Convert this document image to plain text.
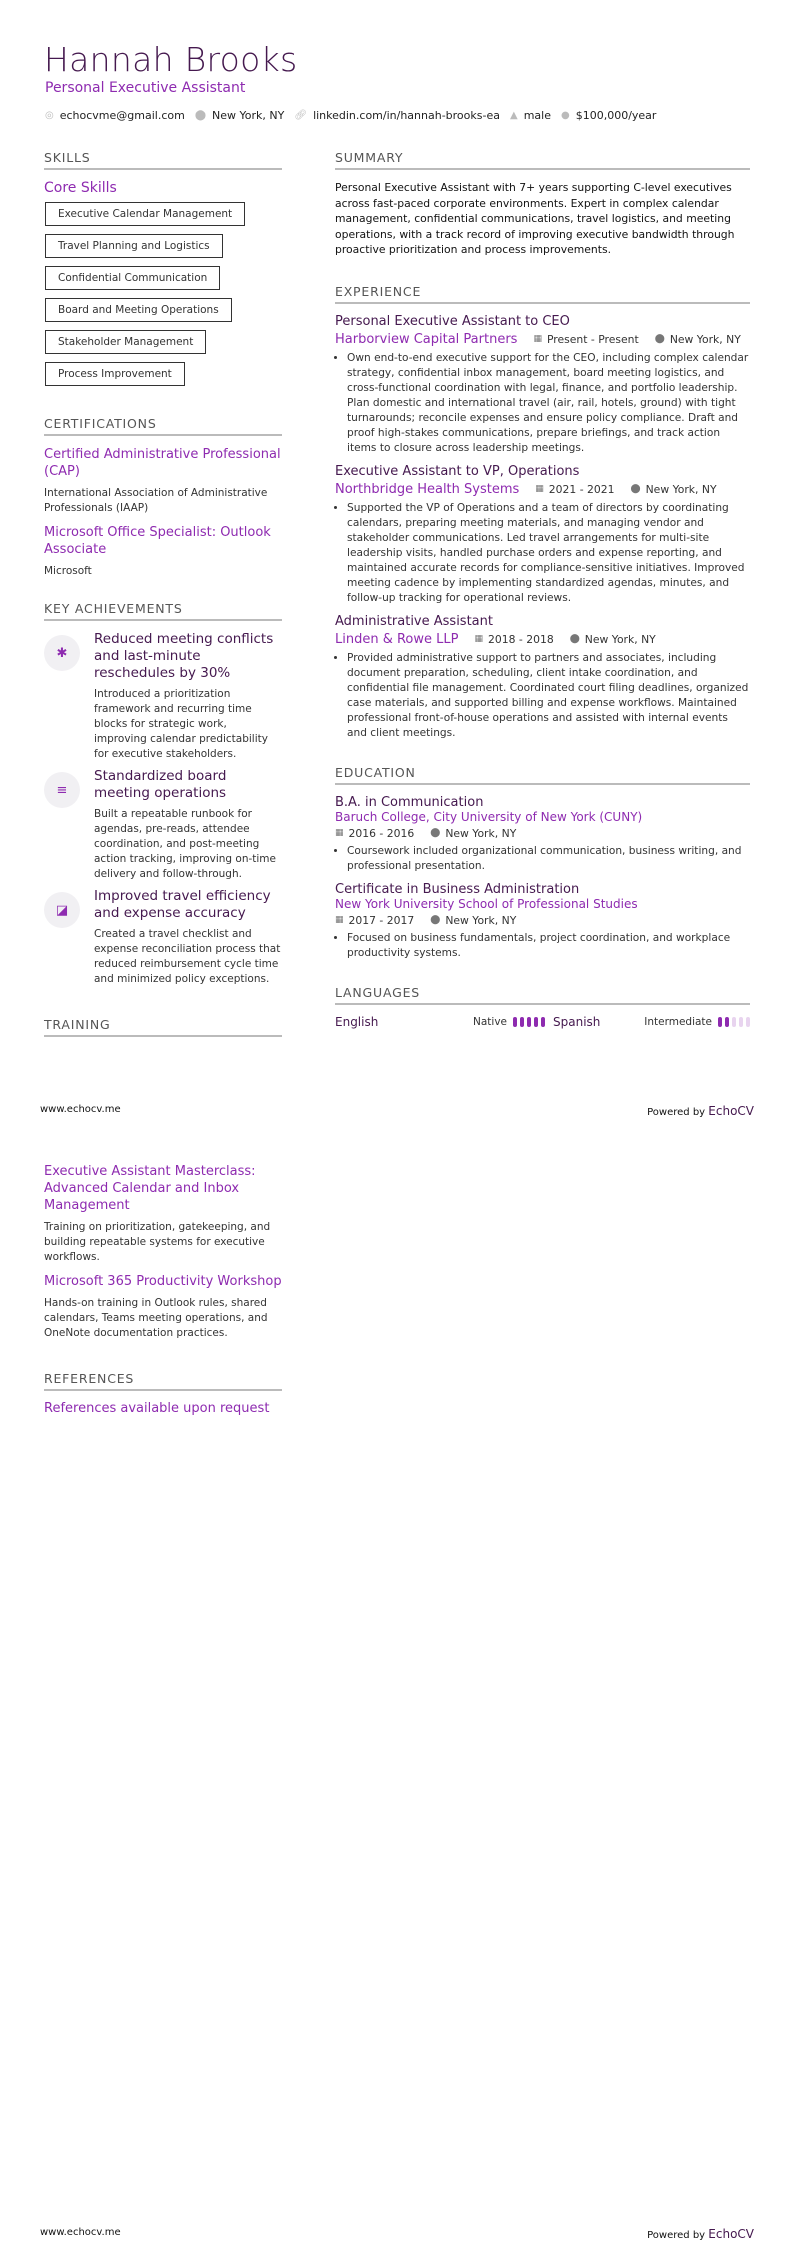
Hannah Brooks
Personal Executive Assistant
◎ echocvme@gmail.com ⬤ New York, NY 🔗︎ linkedin.com/in/hannah-brooks-ea ▲ male ● $100,000/year
SKILLS
Core Skills
Executive Calendar Management
Travel Planning and Logistics
Confidential Communication
Board and Meeting Operations
Stakeholder Management
Process Improvement
CERTIFICATIONS
Certified Administrative Professional (CAP)
International Association of Administrative Professionals (IAAP)
Microsoft Office Specialist: Outlook Associate
Microsoft
KEY ACHIEVEMENTS
✱
Reduced meeting conflicts and last-minute reschedules by 30%
Introduced a prioritization framework and recurring time blocks for strategic work, improving calendar predictability for executive stakeholders.
≡
Standardized board meeting operations
Built a repeatable runbook for agendas, pre-reads, attendee coordination, and post-meeting action tracking, improving on-time delivery and follow-through.
◪
Improved travel efficiency and expense accuracy
Created a travel checklist and expense reconciliation process that reduced reimbursement cycle time and minimized policy exceptions.
TRAINING
SUMMARY
Personal Executive Assistant with 7+ years supporting C-level executives across fast-paced corporate environments. Expert in complex calendar management, confidential communications, travel logistics, and meeting operations, with a track record of improving executive bandwidth through proactive prioritization and process improvements.
EXPERIENCE
Personal Executive Assistant to CEO
Harborview Capital Partners ▦ Present - Present ⬤ New York, NY
• Own end-to-end executive support for the CEO, including complex calendar strategy, confidential inbox management, board meeting logistics, and cross-functional coordination with legal, finance, and portfolio leadership. Plan domestic and international travel (air, rail, hotels, ground) with tight turnarounds; reconcile expenses and ensure policy compliance. Draft and proof high-stakes communications, prepare briefings, and track action items to closure across leadership meetings.
Executive Assistant to VP, Operations
Northbridge Health Systems ▦ 2021 - 2021 ⬤ New York, NY
• Supported the VP of Operations and a team of directors by coordinating calendars, preparing meeting materials, and managing vendor and stakeholder communications. Led travel arrangements for multi-site leadership visits, handled purchase orders and expense reporting, and maintained accurate records for compliance-sensitive initiatives. Improved meeting cadence by implementing standardized agendas, minutes, and follow-up tracking for operational reviews.
Administrative Assistant
Linden & Rowe LLP ▦ 2018 - 2018 ⬤ New York, NY
• Provided administrative support to partners and associates, including document preparation, scheduling, client intake coordination, and confidential file management. Coordinated court filing deadlines, organized case materials, and supported billing and expense workflows. Maintained professional front-of-house operations and assisted with internal events and client meetings.
EDUCATION
B.A. in Communication
Baruch College, City University of New York (CUNY)
▦ 2016 - 2016 ⬤ New York, NY
• Coursework included organizational communication, business writing, and professional presentation.
Certificate in Business Administration
New York University School of Professional Studies
▦ 2017 - 2017 ⬤ New York, NY
• Focused on business fundamentals, project coordination, and workplace productivity systems.
LANGUAGES
English	Native	Spanish	Intermediate
www.echocv.me	Powered by EchoCV
Executive Assistant Masterclass: Advanced Calendar and Inbox Management
Training on prioritization, gatekeeping, and building repeatable systems for executive workflows.
Microsoft 365 Productivity Workshop
Hands-on training in Outlook rules, shared calendars, Teams meeting operations, and OneNote documentation practices.
REFERENCES
References available upon request
www.echocv.me	Powered by EchoCV
